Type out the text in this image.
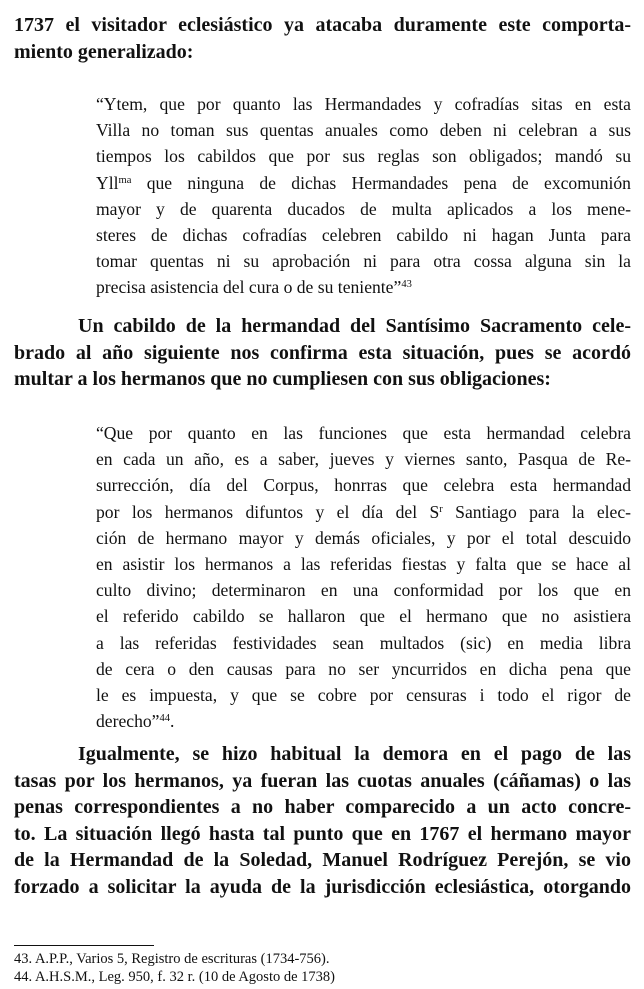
1737 el visitador eclesiástico ya atacaba duramente este comporta-
miento generalizado:

“Ytem, que por quanto las Hermandades y cofradías sitas en esta
Villa no toman sus quentas anuales como deben ni celebran a sus
tiempos los cabildos que por sus reglas son obligados; mandó su
Yll$^{ma}$ que ninguna de dichas Hermandades pena de excomunión
mayor y de quarenta ducados de multa aplicados a los mene-
steres de dichas cofradías celebren cabildo ni hagan Junta para
tomar quentas ni su aprobación ni para otra cossa alguna sin la
precisa asistencia del cura o de su teniente”$^{43}$

Un cabildo de la hermandad del Santísimo Sacramento cele-
brado al año siguiente nos confirma esta situación, pues se acordó
multar a los hermanos que no cumpliesen con sus obligaciones:

“Que por quanto en las funciones que esta hermandad celebra
en cada un año, es a saber, jueves y viernes santo, Pasqua de Re-
surrección, día del Corpus, honrras que celebra esta hermandad
por los hermanos difuntos y el día del $S^r$ Santiago para la elec-
ción de hermano mayor y demás oficiales, y por el total descuido
en asistir los hermanos a las referidas fiestas y falta que se hace al
culto divino; determinaron en una conformidad por los que en
el referido cabildo se hallaron que el hermano que no asistiera
a las referidas festividades sean multados (sic) en media libra
de cera o den causas para no ser yncurridos en dicha pena que
le es impuesta, y que se cobre por censuras i todo el rigor de
derecho”$^{44}$.

Igualmente, se hizo habitual la demora en el pago de las
tasas por los hermanos, ya fueran las cuotas anuales (cáñamas) o las
penas correspondientes a no haber comparecido a un acto concre-
to. La situación llegó hasta tal punto que en 1767 el hermano mayor
de la Hermandad de la Soledad, Manuel Rodríguez Perejón, se vio
forzado a solicitar la ayuda de la jurisdicción eclesiástica, otorgando

43. A.P.P., Varios 5, Registro de escrituras (1734-756).
44. A.H.S.M., Leg. 950, f. 32 r. (10 de Agosto de 1738)
